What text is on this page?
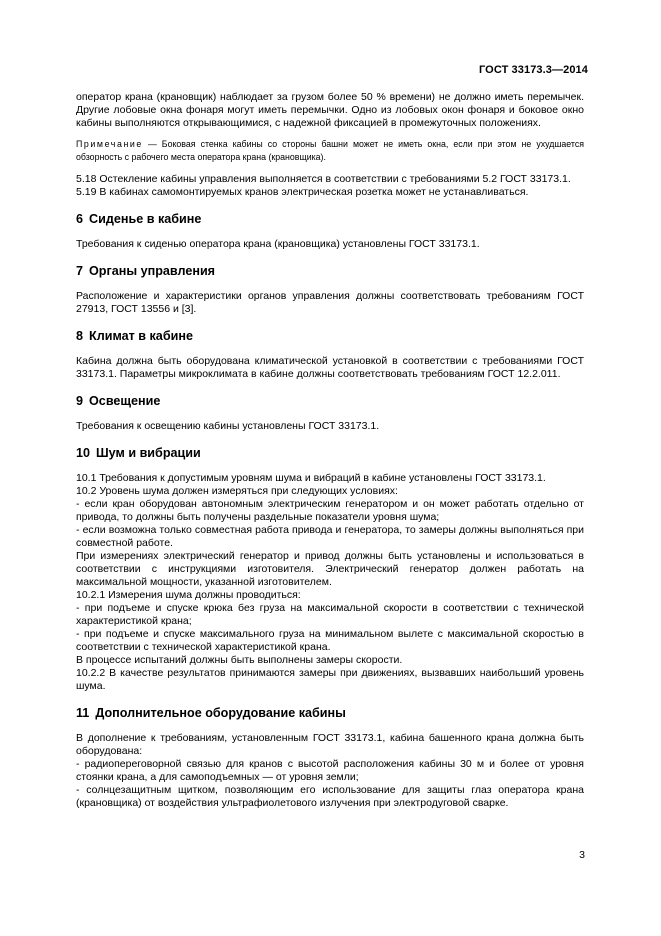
ГОСТ 33173.3—2014

оператор крана (крановщик) наблюдает за грузом более 50 % времени) не должно иметь перемычек. Другие лобовые окна фонаря могут иметь перемычки. Одно из лобовых окон фонаря и боковое окно кабины выполняются открывающимися, с надежной фиксацией в промежуточных положениях.

Примечание — Боковая стенка кабины со стороны башни может не иметь окна, если при этом не ухудшается обзорность с рабочего места оператора крана (крановщика).

5.18 Остекление кабины управления выполняется в соответствии с требованиями 5.2 ГОСТ 33173.1.

5.19 В кабинах самомонтируемых кранов электрическая розетка может не устанавливаться.

6 Сиденье в кабине

Требования к сиденью оператора крана (крановщика) установлены ГОСТ 33173.1.

7 Органы управления

Расположение и характеристики органов управления должны соответствовать требованиям ГОСТ 27913, ГОСТ 13556 и [3].

8 Климат в кабине

Кабина должна быть оборудована климатической установкой в соответствии с требованиями ГОСТ 33173.1. Параметры микроклимата в кабине должны соответствовать требованиям ГОСТ 12.2.011.

9 Освещение

Требования к освещению кабины установлены ГОСТ 33173.1.

10 Шум и вибрации

10.1 Требования к допустимым уровням шума и вибраций в кабине установлены ГОСТ 33173.1.

10.2 Уровень шума должен измеряться при следующих условиях:

- если кран оборудован автономным электрическим генератором и он может работать отдельно от привода, то должны быть получены раздельные показатели уровня шума;

- если возможна только совместная работа привода и генератора, то замеры должны выполняться при совместной работе.

При измерениях электрический генератор и привод должны быть установлены и использоваться в соответствии с инструкциями изготовителя. Электрический генератор должен работать на максимальной мощности, указанной изготовителем.

10.2.1 Измерения шума должны проводиться:

- при подъеме и спуске крюка без груза на максимальной скорости в соответствии с технической характеристикой крана;

- при подъеме и спуске максимального груза на минимальном вылете с максимальной скоростью в соответствии с технической характеристикой крана.

В процессе испытаний должны быть выполнены замеры скорости.

10.2.2 В качестве результатов принимаются замеры при движениях, вызвавших наибольший уровень шума.

11 Дополнительное оборудование кабины

В дополнение к требованиям, установленным ГОСТ 33173.1, кабина башенного крана должна быть оборудована:

- радиопереговорной связью для кранов с высотой расположения кабины 30 м и более от уровня стоянки крана, а для самоподъемных — от уровня земли;

- солнцезащитным щитком, позволяющим его использование для защиты глаз оператора крана (крановщика) от воздействия ультрафиолетового излучения при электродуговой сварке.

3
